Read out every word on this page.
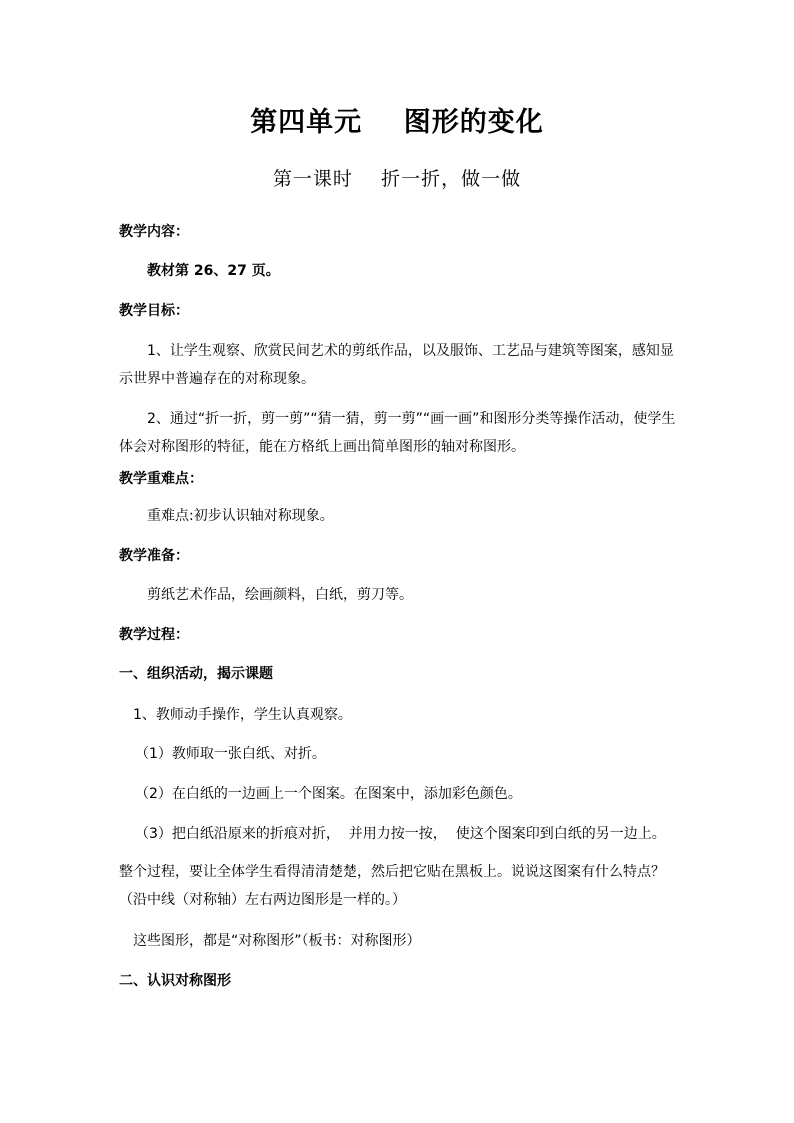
第四单元    图形的变化
第一课时    折一折，做一做
教学内容：
教材第 26、27 页。
教学目标：
1、让学生观察、欣赏民间艺术的剪纸作品，以及服饰、工艺品与建筑等图案，感知显示世界中普遍存在的对称现象。
2、通过“折一折，剪一剪”“猜一猜，剪一剪”“画一画”和图形分类等操作活动，使学生体会对称图形的特征，能在方格纸上画出简单图形的轴对称图形。
教学重难点：
重难点:初步认识轴对称现象。
教学准备：
剪纸艺术作品，绘画颜料，白纸，剪刀等。
教学过程：
一、组织活动，揭示课题
1、教师动手操作，学生认真观察。
（1）教师取一张白纸、对折。
（2）在白纸的一边画上一个图案。在图案中，添加彩色颜色。
（3）把白纸沿原来的折痕对折，  并用力按一按，  使这个图案印到白纸的另一边上。
整个过程，要让全体学生看得清清楚楚，然后把它贴在黑板上。说说这图案有什么特点？（沿中线（对称轴）左右两边图形是一样的。）
这些图形，都是“对称图形”（板书：对称图形）
二、认识对称图形
